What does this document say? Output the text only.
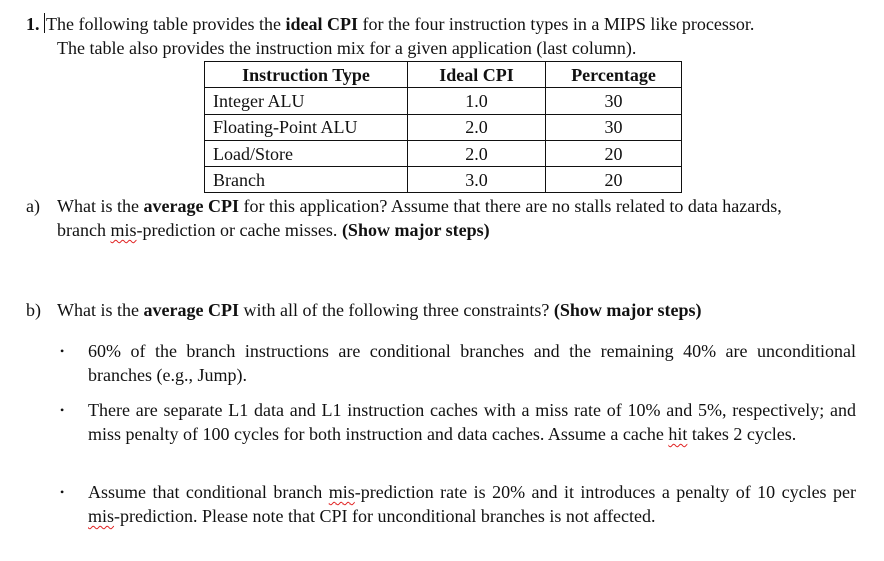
1. The following table provides the ideal CPI for the four instruction types in a MIPS like processor.
The table also provides the instruction mix for a given application (last column).
Instruction Type	Ideal CPI	Percentage
Integer ALU	1.0	30
Floating-Point ALU	2.0	30
Load/Store	2.0	20
Branch	3.0	20
a) What is the average CPI for this application? Assume that there are no stalls related to data hazards,
branch mis-prediction or cache misses. (Show major steps)
b) What is the average CPI with all of the following three constraints? (Show major steps)
• 60% of the branch instructions are conditional branches and the remaining 40% are unconditional branches (e.g., Jump).
• There are separate L1 data and L1 instruction caches with a miss rate of 10% and 5%, respectively; and miss penalty of 100 cycles for both instruction and data caches. Assume a cache hit takes 2 cycles.
• Assume that conditional branch mis-prediction rate is 20% and it introduces a penalty of 10 cycles per mis-prediction. Please note that CPI for unconditional branches is not affected.
